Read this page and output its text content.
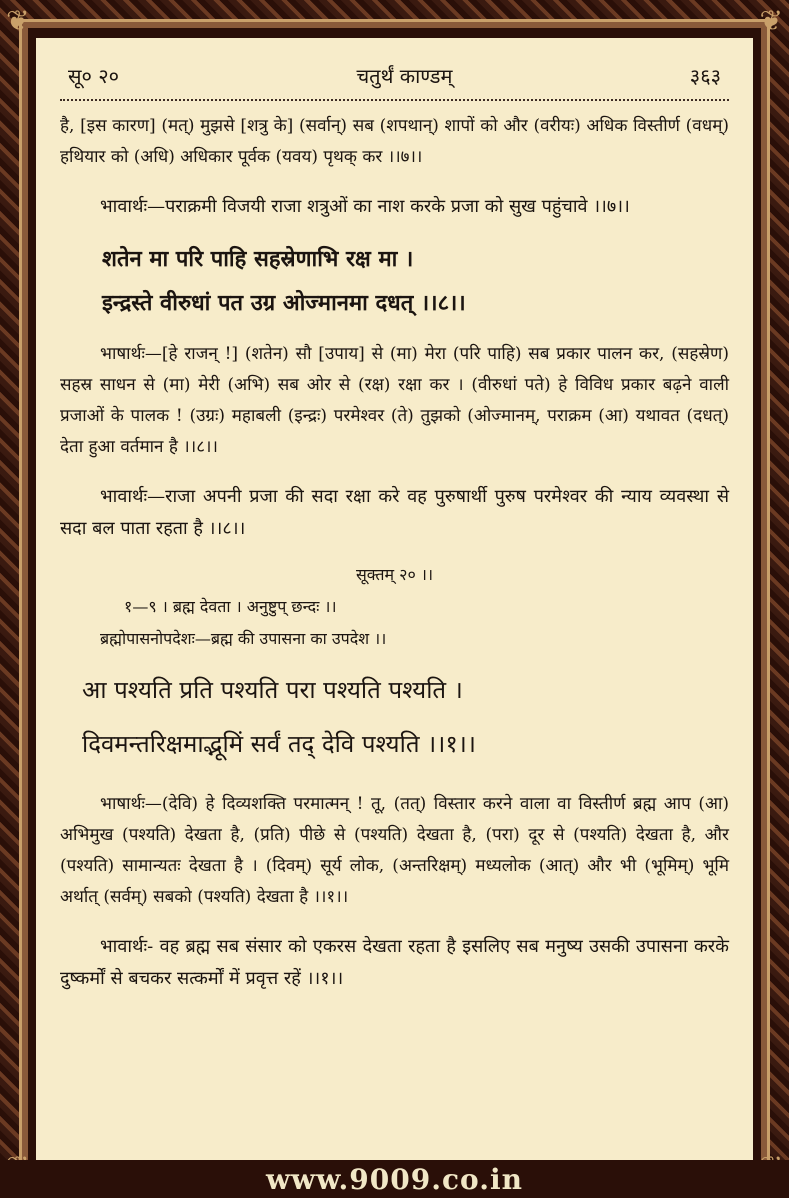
❦	❦
सू० २०	चतुर्थं काण्डम्	३६३

है, [इस कारण] (मत्) मुझसे [शत्रु के] (सर्वान्) सब (शपथान्) शापों को और (वरीयः) अधिक विस्तीर्ण (वधम्) हथियार को (अधि) अधिकार पूर्वक (यवय) पृथक् कर ।।७।।

भावार्थः—पराक्रमी विजयी राजा शत्रुओं का नाश करके प्रजा को सुख पहुंचावे ।।७।।

शतेन मा परि पाहि सहस्रेणाभि रक्ष मा ।
इन्द्रस्ते वीरुधां पत उग्र ओज्मानमा दधत् ।।८।।

भाषार्थः—[हे राजन् !] (शतेन) सौ [उपाय] से (मा) मेरा (परि पाहि) सब प्रकार पालन कर, (सहस्रेण) सहस्र साधन से (मा) मेरी (अभि) सब ओर से (रक्ष) रक्षा कर । (वीरुधां पते) हे विविध प्रकार बढ़ने वाली प्रजाओं के पालक ! (उग्रः) महाबली (इन्द्रः) परमेश्वर (ते) तुझको (ओज्मानम्, पराक्रम (आ) यथावत (दधत्) देता हुआ वर्तमान है ।।८।।

भावार्थः—राजा अपनी प्रजा की सदा रक्षा करे वह पुरुषार्थी पुरुष परमेश्वर की न्याय व्यवस्था से सदा बल पाता रहता है ।।८।।

सूक्तम् २० ।।
१—९ । ब्रह्म देवता । अनुष्टुप् छन्दः ।।
ब्रह्मोपासनोपदेशः—ब्रह्म की उपासना का उपदेश ।।
आ पश्यति प्रति पश्यति परा पश्यति पश्यति ।
दिवमन्तरिक्षमाद्भूमिं सर्वं तद् देवि पश्यति ।।१।।

भाषार्थः—(देवि) हे दिव्यशक्ति परमात्मन् ! तू, (तत्) विस्तार करने वाला वा विस्तीर्ण ब्रह्म आप (आ) अभिमुख (पश्यति) देखता है, (प्रति) पीछे से (पश्यति) देखता है, (परा) दूर से (पश्यति) देखता है, और (पश्यति) सामान्यतः देखता है । (दिवम्) सूर्य लोक, (अन्तरिक्षम्) मध्यलोक (आत्) और भी (भूमिम्) भूमि अर्थात् (सर्वम्) सबको (पश्यति) देखता है ।।१।।

भावार्थः- वह ब्रह्म सब संसार को एकरस देखता रहता है इसलिए सब मनुष्य उसकी उपासना करके दुष्कर्मों से बचकर सत्कर्मों में प्रवृत्त रहें ।।१।।

www.9009.co.in
